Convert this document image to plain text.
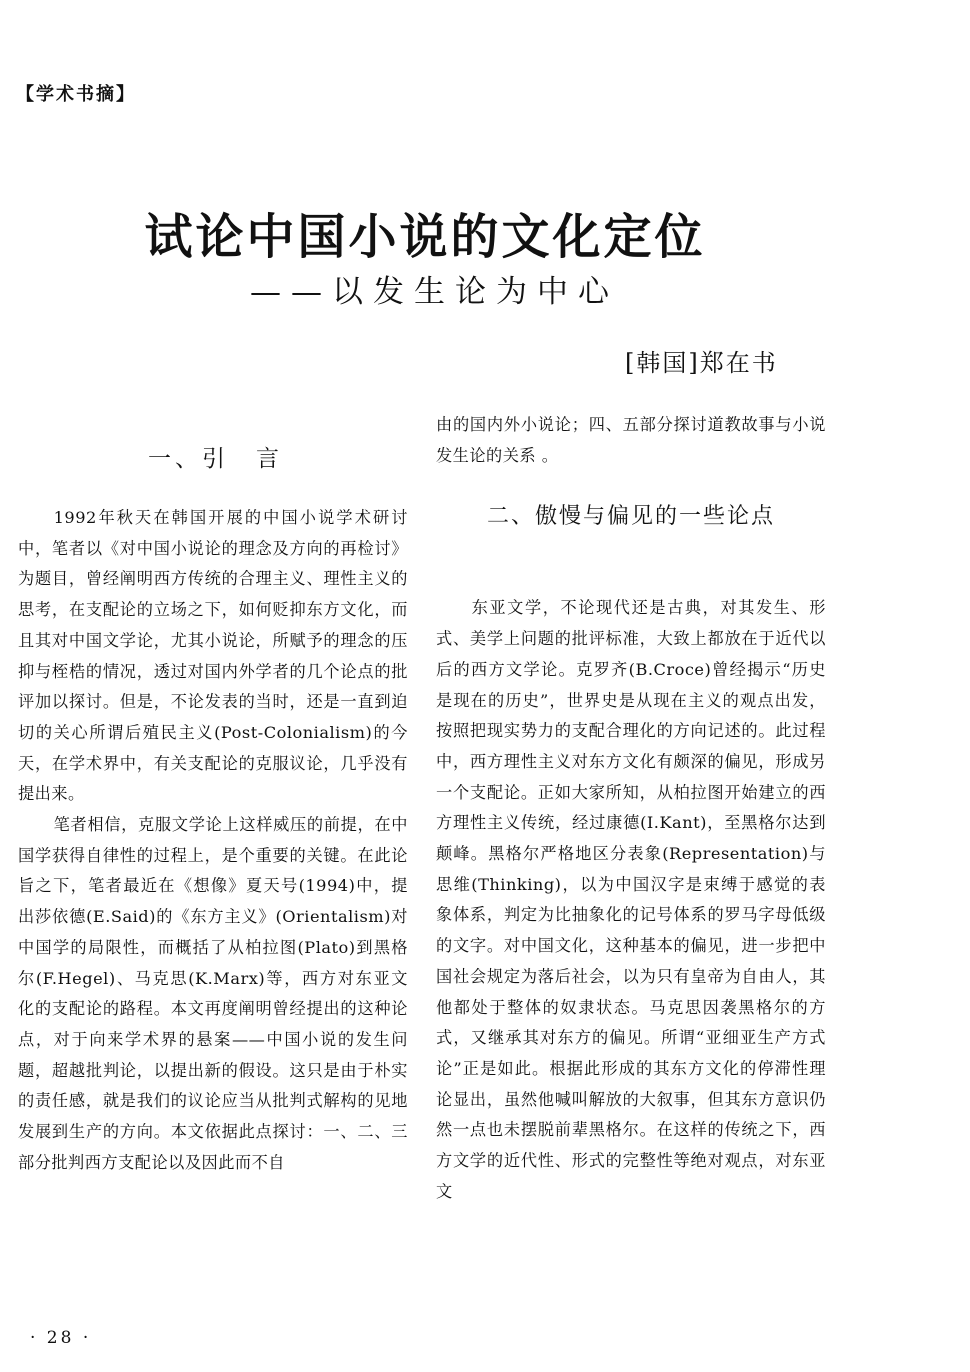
【学术书摘】
试论中国小说的文化定位
——以发生论为中心
[韩国]郑在书
一、引　言

1992年秋天在韩国开展的中国小说学术研讨中，笔者以《对中国小说论的理念及方向的再检讨》为题目，曾经阐明西方传统的合理主义、理性主义的思考，在支配论的立场之下，如何贬抑东方文化，而且其对中国文学论，尤其小说论，所赋予的理念的压抑与桎梏的情况，透过对国内外学者的几个论点的批评加以探讨。但是，不论发表的当时，还是一直到迫切的关心所谓后殖民主义(Post-Colonialism)的今天，在学术界中，有关支配论的克服议论，几乎没有提出来。

笔者相信，克服文学论上这样威压的前提，在中国学获得自律性的过程上，是个重要的关键。在此论旨之下，笔者最近在《想像》夏天号(1994)中，提出莎依德(E.Said)的《东方主义》(Orientalism)对中国学的局限性，而概括了从柏拉图(Plato)到黑格尔(F.Hegel)、马克思(K.Marx)等，西方对东亚文化的支配论的路程。本文再度阐明曾经提出的这种论点，对于向来学术界的悬案——中国小说的发生问题，超越批判论，以提出新的假设。这只是由于朴实的责任感，就是我们的议论应当从批判式解构的见地发展到生产的方向。本文依据此点探讨：一、二、三部分批判西方支配论以及因此而不自

由的国内外小说论；四、五部分探讨道教故事与小说发生论的关系 。

二、傲慢与偏见的一些论点

东亚文学，不论现代还是古典，对其发生、形式、美学上问题的批评标准，大致上都放在于近代以后的西方文学论。克罗齐(B.Croce)曾经揭示“历史是现在的历史”，世界史是从现在主义的观点出发，按照把现实势力的支配合理化的方向记述的。此过程中，西方理性主义对东方文化有颇深的偏见，形成另一个支配论。正如大家所知，从柏拉图开始建立的西方理性主义传统，经过康德(I.Kant)，至黑格尔达到颠峰。黑格尔严格地区分表象(Representation)与思维(Thinking)，以为中国汉字是束缚于感觉的表象体系，判定为比抽象化的记号体系的罗马字母低级的文字。对中国文化，这种基本的偏见，进一步把中国社会规定为落后社会，以为只有皇帝为自由人，其他都处于整体的奴隶状态。马克思因袭黑格尔的方式，又继承其对东方的偏见。所谓“亚细亚生产方式论”正是如此。根据此形成的其东方文化的停滞性理论显出，虽然他喊叫解放的大叙事，但其东方意识仍然一点也未摆脱前辈黑格尔。在这样的传统之下，西方文学的近代性、形式的完整性等绝对观点，对东亚文

· 28 ·
